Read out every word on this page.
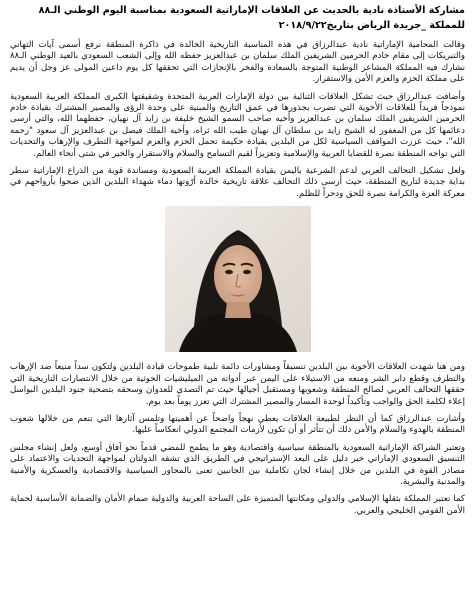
مشاركة الأستاذة نادية بالحديث عن العلاقات الإماراتية السعودية بمناسبة اليوم الوطني الـ٨٨ للمملكة _جريدة الرياض بتاريخ٢٠١٨/٩/٢٢

وقالت المحامية الإماراتية نادية عبدالرزاق في هذه المناسبة التاريخية الخالدة في ذاكرة المنطقة نرفع أسمى آيات التهاني والتبريكات إلى مقام خادم الحرمين الشريفين الملك سلمان بن عبدالعزيز حفظه الله وإلى الشعب السعودي بالعيد الوطني الـ٨٨ نشارك فيه المملكة المشاعر الوطنية المتوجة بالسعادة والفخر بالإنجازات التي تحققها كل يوم داعين المولى عز وجل أن يديم على مملكة الحزم والعزم الأمن والاستقرار.

وأضافت عبدالرزاق حيث تشكل العلاقات الثنائية بين دولة الإمارات العربية المتحدة وشقيقتها الكبرى المملكة العربية السعودية نموذجاً فريداً للعلاقات الأخوية التي تضرب بجذورها في عمق التاريخ والمبنية على وحدة الرؤى والمصير المشترك بقيادة خادم الحرمين الشريفين الملك سلمان بن عبدالعزيز وأخيه صاحب السمو الشيخ خليفة بن زايد آل نهيان، حفظهما الله، والتي أرسى دعائمها كل من المغفور له الشيخ زايد بن سلطان آل نهيان طيب الله ثراه، وأخيه الملك فيصل بن عبدالعزيز آل سعود "رحمه الله"، حيث عززت المواقف السياسية لكل من البلدين بقيادة حكيمة تحمل الحزم والعزم لمواجهة التطرف والإرهاب والتحديات التي تواجه المنطقة نصرة للقضايا العربية والإسلامية وتعزيزاً لقيم التسامح والسلام والاستقرار والخير في شتى أنحاء العالم.

ولعل تشكيل التحالف العربي لدعم الشرعية باليمن بقيادة المملكة العربية السعودية ومساندة قوية من الذراع الإماراتية سطر بداية جديدة لتاريخ المنطقة، حيث أرسى ذلك التحالف علاقة تاريخية خالدة أرّوتها دماء شهداء البلدين الذين ضحوا بأرواحهم في معركة العزة والكرامة نصرة للحق ودحراً للظلم.

ومن هنا شهدت العلاقات الأخوية بين البلدين تنسيقاً ومشاورات دائمة تلبية طموحات قيادة البلدين ولتكون سداً منيعاً ضد الإرهاب والتطرف وقطع دابر الشر ومنعه من الاستيلاء على اليمن عبر أدواته من الميليشيات الحوثية من خلال الانتصارات التاريخية التي حققها التحالف العربي لصالح المنطقة وشعوبها ومستقبل أجيالها حيث تم التصدي للعدوان وسحقه بتضحية جنود البلدين البواسل إعلاء لكلمة الحق والواجب وتأكيداً لوحدة المسار والمصير المشترك التي تعزز يوماً بعد يوم.

وأشارت عبدالرزاق كما أن النظر لطبيعة العلاقات يعطي نهجاً واضحاً عن أهميتها وتلمس آثارها التي تنعم من خلالها شعوب المنطقة بالهدوء والسلام والأمن ذلك أن تتأثر أو أن تكون لأزمات المجتمع الدولي انعكاساً عليها.

وتعتبر الشراكة الإماراتية السعودية بالمنطقة سياسية واقتصادية وهو ما يطمح للمضي قدماً نحو آفاق أوسع، ولعل إنشاء مجلس التنسيق السعودي الإماراتي خير دليل على البعد الإستراتيجي في الطريق الذي تشقه الدولتان لمواجهة التحديات والاعتماد على مصادر القوة في البلدين من خلال إنشاء لجان تكاملية بين الجانبين تعنى بالمحاور السياسية والاقتصادية والعسكرية والأمنية والمدنية والبشرية.

كما تعتبر المملكة بثقلها الإسلامي والدولي ومكانتها المتميزة على الساحة العربية والدولية صمام الأمان والضمانة الأساسية لحماية الأمن القومي الخليجي والعربي.
